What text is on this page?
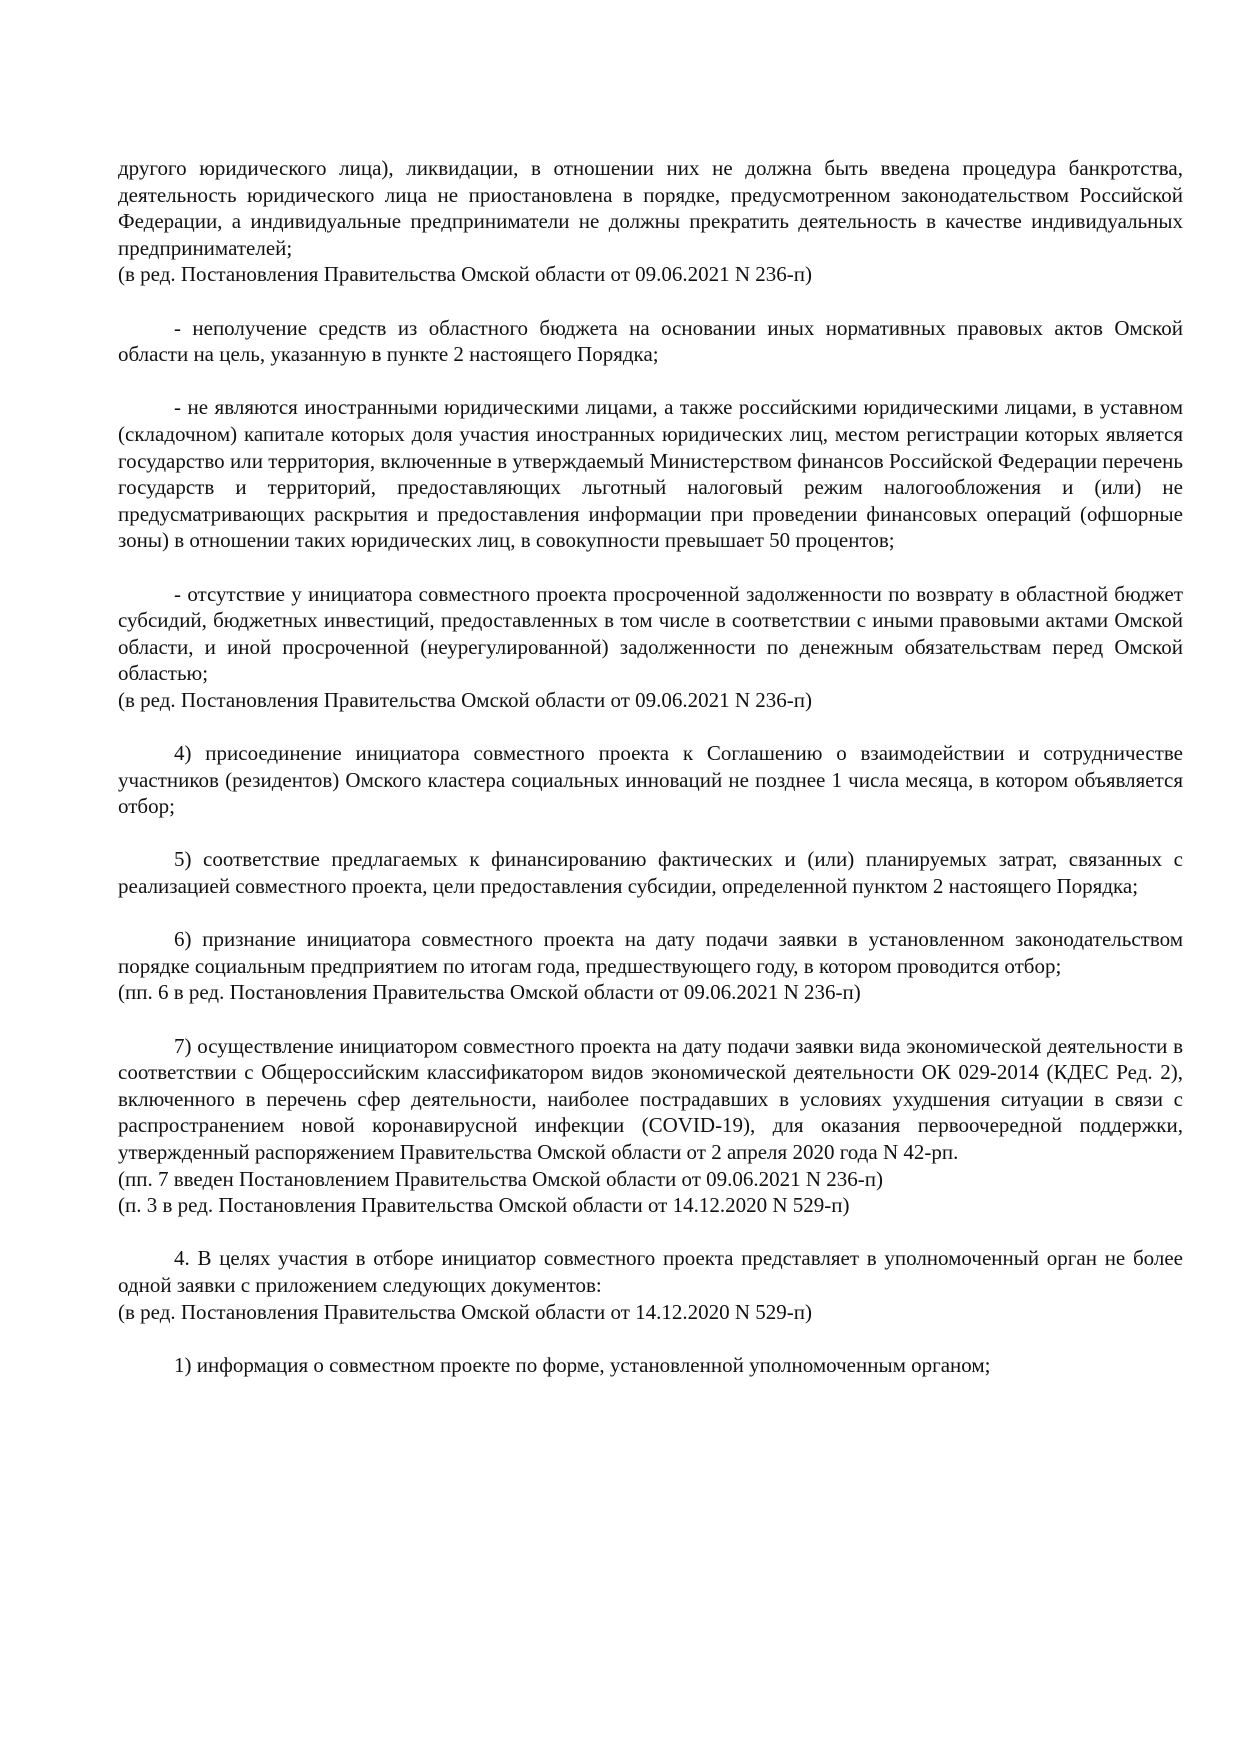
другого юридического лица), ликвидации, в отношении них не должна быть введена процедура банкротства, деятельность юридического лица не приостановлена в порядке, предусмотренном законодательством Российской Федерации, а индивидуальные предприниматели не должны прекратить деятельность в качестве индивидуальных предпринимателей;

(в ред. Постановления Правительства Омской области от 09.06.2021 N 236-п)

- неполучение средств из областного бюджета на основании иных нормативных правовых актов Омской области на цель, указанную в пункте 2 настоящего Порядка;

- не являются иностранными юридическими лицами, а также российскими юридическими лицами, в уставном (складочном) капитале которых доля участия иностранных юридических лиц, местом регистрации которых является государство или территория, включенные в утверждаемый Министерством финансов Российской Федерации перечень государств и территорий, предоставляющих льготный налоговый режим налогообложения и (или) не предусматривающих раскрытия и предоставления информации при проведении финансовых операций (офшорные зоны) в отношении таких юридических лиц, в совокупности превышает 50 процентов;

- отсутствие у инициатора совместного проекта просроченной задолженности по возврату в областной бюджет субсидий, бюджетных инвестиций, предоставленных в том числе в соответствии с иными правовыми актами Омской области, и иной просроченной (неурегулированной) задолженности по денежным обязательствам перед Омской областью;

(в ред. Постановления Правительства Омской области от 09.06.2021 N 236-п)

4) присоединение инициатора совместного проекта к Соглашению о взаимодействии и сотрудничестве участников (резидентов) Омского кластера социальных инноваций не позднее 1 числа месяца, в котором объявляется отбор;

5) соответствие предлагаемых к финансированию фактических и (или) планируемых затрат, связанных с реализацией совместного проекта, цели предоставления субсидии, определенной пунктом 2 настоящего Порядка;

6) признание инициатора совместного проекта на дату подачи заявки в установленном законодательством порядке социальным предприятием по итогам года, предшествующего году, в котором проводится отбор;

(пп. 6 в ред. Постановления Правительства Омской области от 09.06.2021 N 236-п)

7) осуществление инициатором совместного проекта на дату подачи заявки вида экономической деятельности в соответствии с Общероссийским классификатором видов экономической деятельности ОК 029-2014 (КДЕС Ред. 2), включенного в перечень сфер деятельности, наиболее пострадавших в условиях ухудшения ситуации в связи с распространением новой коронавирусной инфекции (COVID-19), для оказания первоочередной поддержки, утвержденный распоряжением Правительства Омской области от 2 апреля 2020 года N 42-рп.

(пп. 7 введен Постановлением Правительства Омской области от 09.06.2021 N 236-п)

(п. 3 в ред. Постановления Правительства Омской области от 14.12.2020 N 529-п)

4. В целях участия в отборе инициатор совместного проекта представляет в уполномоченный орган не более одной заявки с приложением следующих документов:

(в ред. Постановления Правительства Омской области от 14.12.2020 N 529-п)

1) информация о совместном проекте по форме, установленной уполномоченным органом;
